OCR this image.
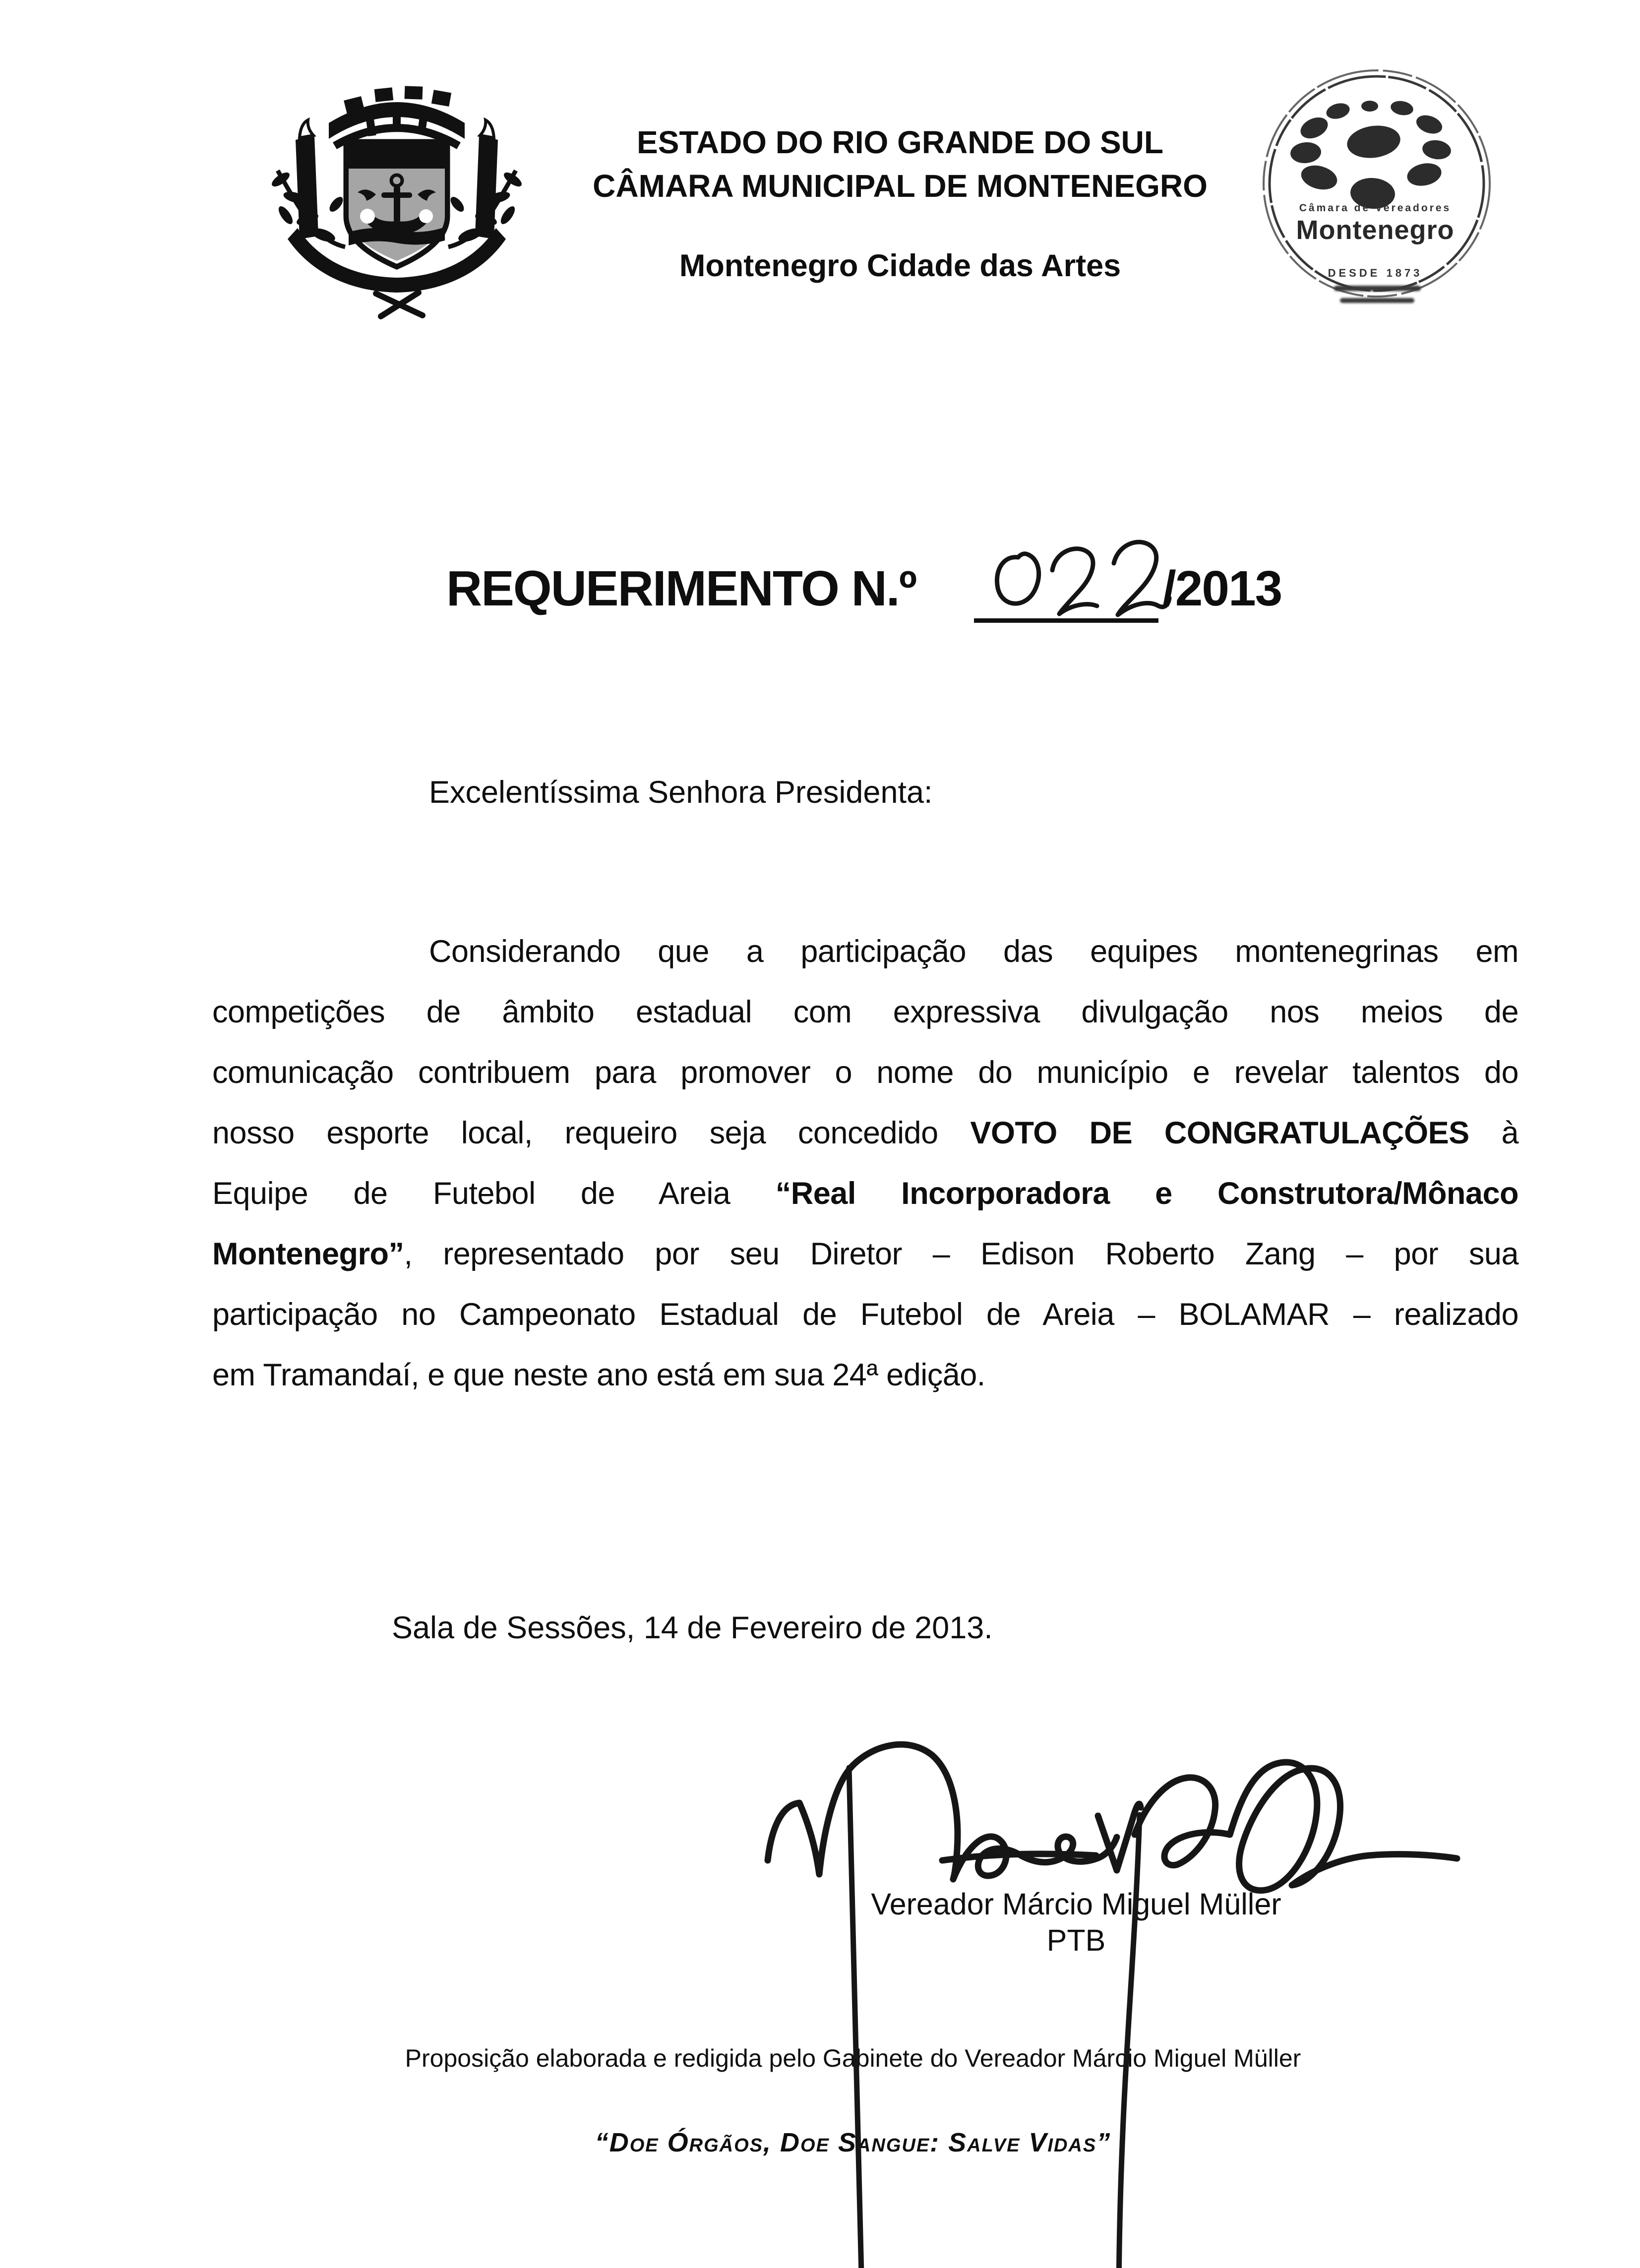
ESTADO DO RIO GRANDE DO SUL
CÂMARA MUNICIPAL DE MONTENEGRO
Montenegro Cidade das Artes
Câmara de Vereadores
Montenegro
DESDE 1873
REQUERIMENTO N.º	/2013
Excelentíssima Senhora Presidenta:
Considerando que a participação das equipes montenegrinas em
competições de âmbito estadual com expressiva divulgação nos meios de
comunicação contribuem para promover o nome do município e revelar talentos do
nosso esporte local, requeiro seja concedido VOTO DE CONGRATULAÇÕES à
Equipe de Futebol de Areia “Real Incorporadora e Construtora/Mônaco
Montenegro”, representado por seu Diretor – Edison Roberto Zang – por sua
participação no Campeonato Estadual de Futebol de Areia – BOLAMAR – realizado
em Tramandaí, e que neste ano está em sua 24ª edição.
Sala de Sessões, 14 de Fevereiro de 2013.
Vereador Márcio Miguel Müller
PTB
Proposição elaborada e redigida pelo Gabinete do Vereador Márcio Miguel Müller
“Doe Órgãos, Doe Sangue: Salve Vidas”
